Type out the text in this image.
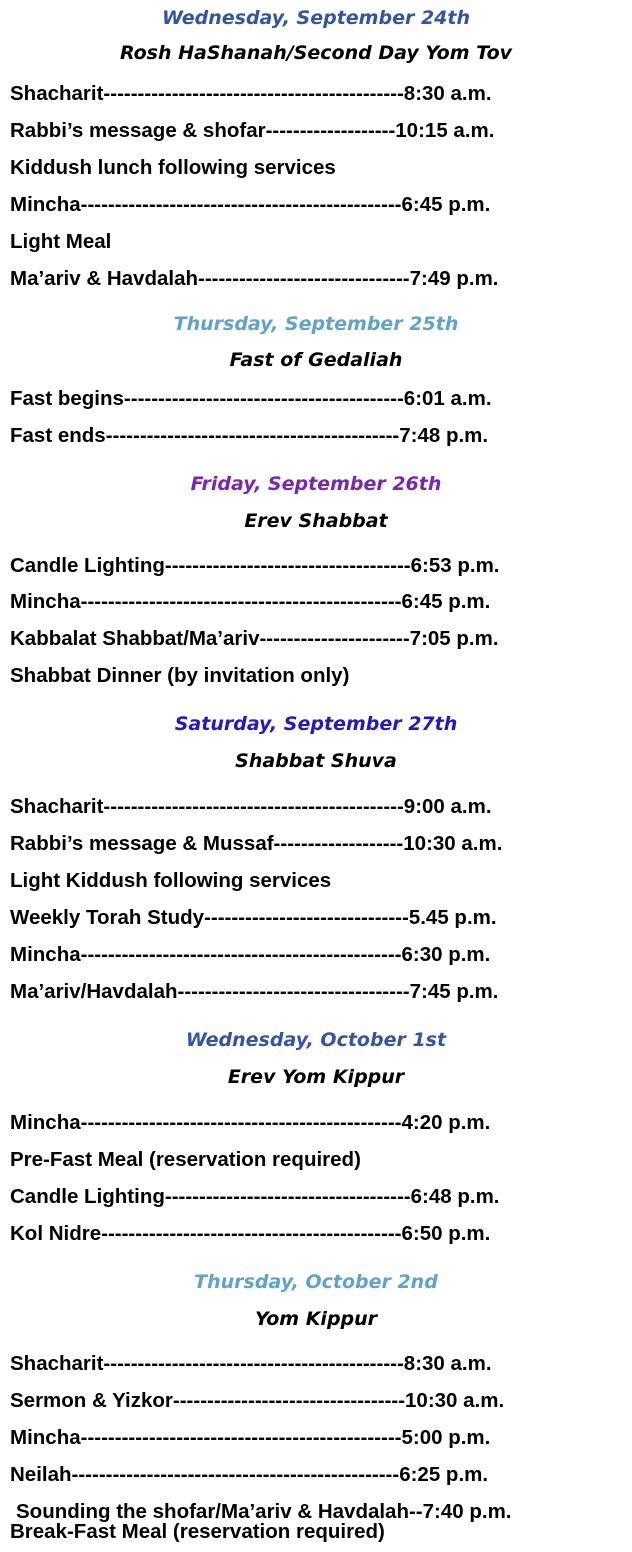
Wednesday, September 24th
Rosh HaShanah/Second Day Yom Tov
Shacharit--------------------------------------------8:30 a.m.
Rabbi’s message & shofar-------------------10:15 a.m.
Kiddush lunch following services
Mincha-----------------------------------------------6:45 p.m.
Light Meal
Ma’ariv & Havdalah-------------------------------7:49 p.m.
Thursday, September 25th
Fast of Gedaliah
Fast begins-----------------------------------------6:01 a.m.
Fast ends-------------------------------------------7:48 p.m.
Friday, September 26th
Erev Shabbat
Candle Lighting------------------------------------6:53 p.m.
Mincha-----------------------------------------------6:45 p.m.
Kabbalat Shabbat/Ma’ariv----------------------7:05 p.m.
Shabbat Dinner (by invitation only)
Saturday, September 27th
Shabbat Shuva
Shacharit--------------------------------------------9:00 a.m.
Rabbi’s message & Mussaf-------------------10:30 a.m.
Light Kiddush following services
Weekly Torah Study------------------------------5.45 p.m.
Mincha-----------------------------------------------6:30 p.m.
Ma’ariv/Havdalah----------------------------------7:45 p.m.
Wednesday, October 1st
Erev Yom Kippur
Mincha-----------------------------------------------4:20 p.m.
Pre-Fast Meal (reservation required)
Candle Lighting------------------------------------6:48 p.m.
Kol Nidre--------------------------------------------6:50 p.m.
Thursday, October 2nd
Yom Kippur
Shacharit--------------------------------------------8:30 a.m.
Sermon & Yizkor----------------------------------10:30 a.m.
Mincha-----------------------------------------------5:00 p.m.
Neilah------------------------------------------------6:25 p.m.
Sounding the shofar/Ma’ariv & Havdalah--7:40 p.m.
Break-Fast Meal (reservation required)
